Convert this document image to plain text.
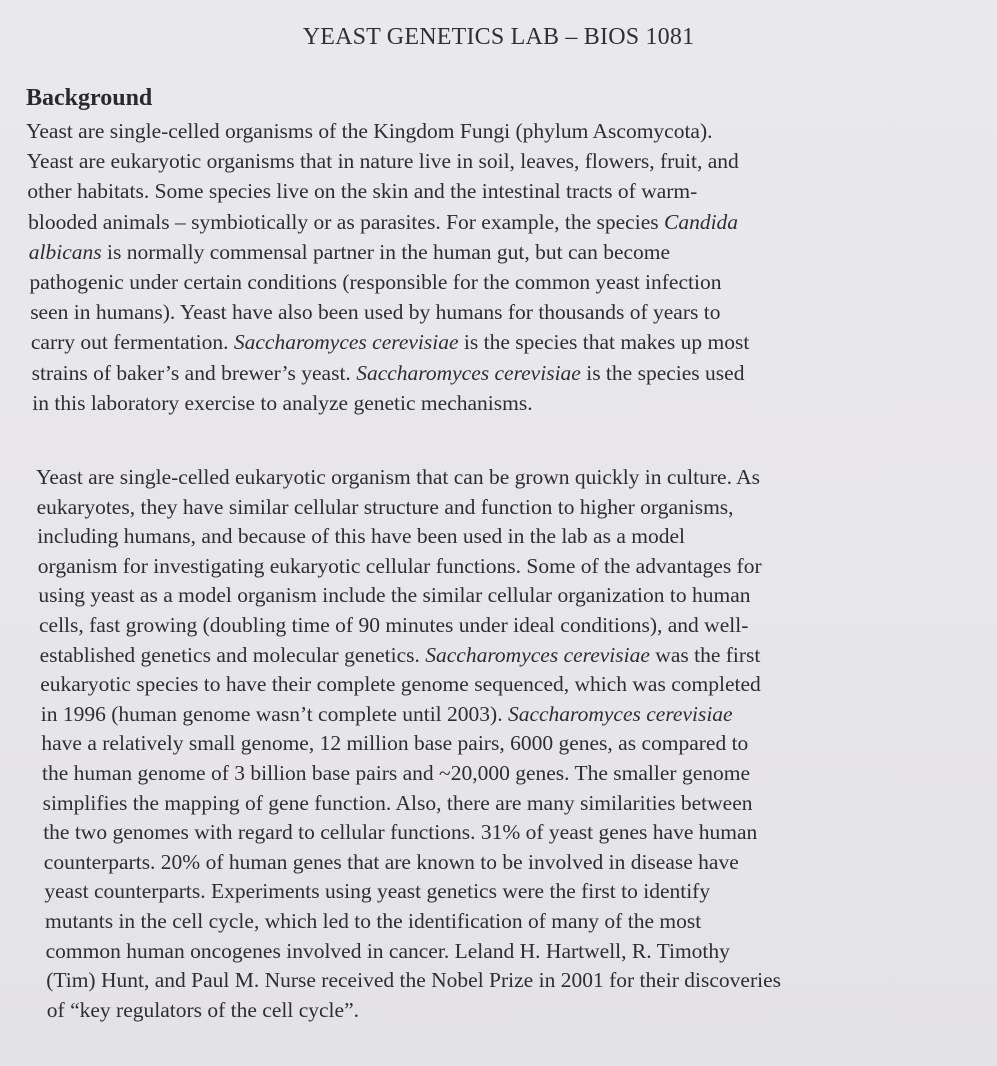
YEAST GENETICS LAB – BIOS 1081
Background
Yeast are single-celled organisms of the Kingdom Fungi (phylum Ascomycota).
Yeast are eukaryotic organisms that in nature live in soil, leaves, flowers, fruit, and
other habitats. Some species live on the skin and the intestinal tracts of warm-
blooded animals – symbiotically or as parasites. For example, the species Candida
albicans is normally commensal partner in the human gut, but can become
pathogenic under certain conditions (responsible for the common yeast infection
seen in humans). Yeast have also been used by humans for thousands of years to
carry out fermentation. Saccharomyces cerevisiae is the species that makes up most
strains of baker’s and brewer’s yeast. Saccharomyces cerevisiae is the species used
in this laboratory exercise to analyze genetic mechanisms.
Yeast are single-celled eukaryotic organism that can be grown quickly in culture. As
eukaryotes, they have similar cellular structure and function to higher organisms,
including humans, and because of this have been used in the lab as a model
organism for investigating eukaryotic cellular functions. Some of the advantages for
using yeast as a model organism include the similar cellular organization to human
cells, fast growing (doubling time of 90 minutes under ideal conditions), and well-
established genetics and molecular genetics. Saccharomyces cerevisiae was the first
eukaryotic species to have their complete genome sequenced, which was completed
in 1996 (human genome wasn’t complete until 2003). Saccharomyces cerevisiae
have a relatively small genome, 12 million base pairs, 6000 genes, as compared to
the human genome of 3 billion base pairs and ~20,000 genes. The smaller genome
simplifies the mapping of gene function. Also, there are many similarities between
the two genomes with regard to cellular functions. 31% of yeast genes have human
counterparts. 20% of human genes that are known to be involved in disease have
yeast counterparts. Experiments using yeast genetics were the first to identify
mutants in the cell cycle, which led to the identification of many of the most
common human oncogenes involved in cancer. Leland H. Hartwell, R. Timothy
(Tim) Hunt, and Paul M. Nurse received the Nobel Prize in 2001 for their discoveries
of “key regulators of the cell cycle”.
